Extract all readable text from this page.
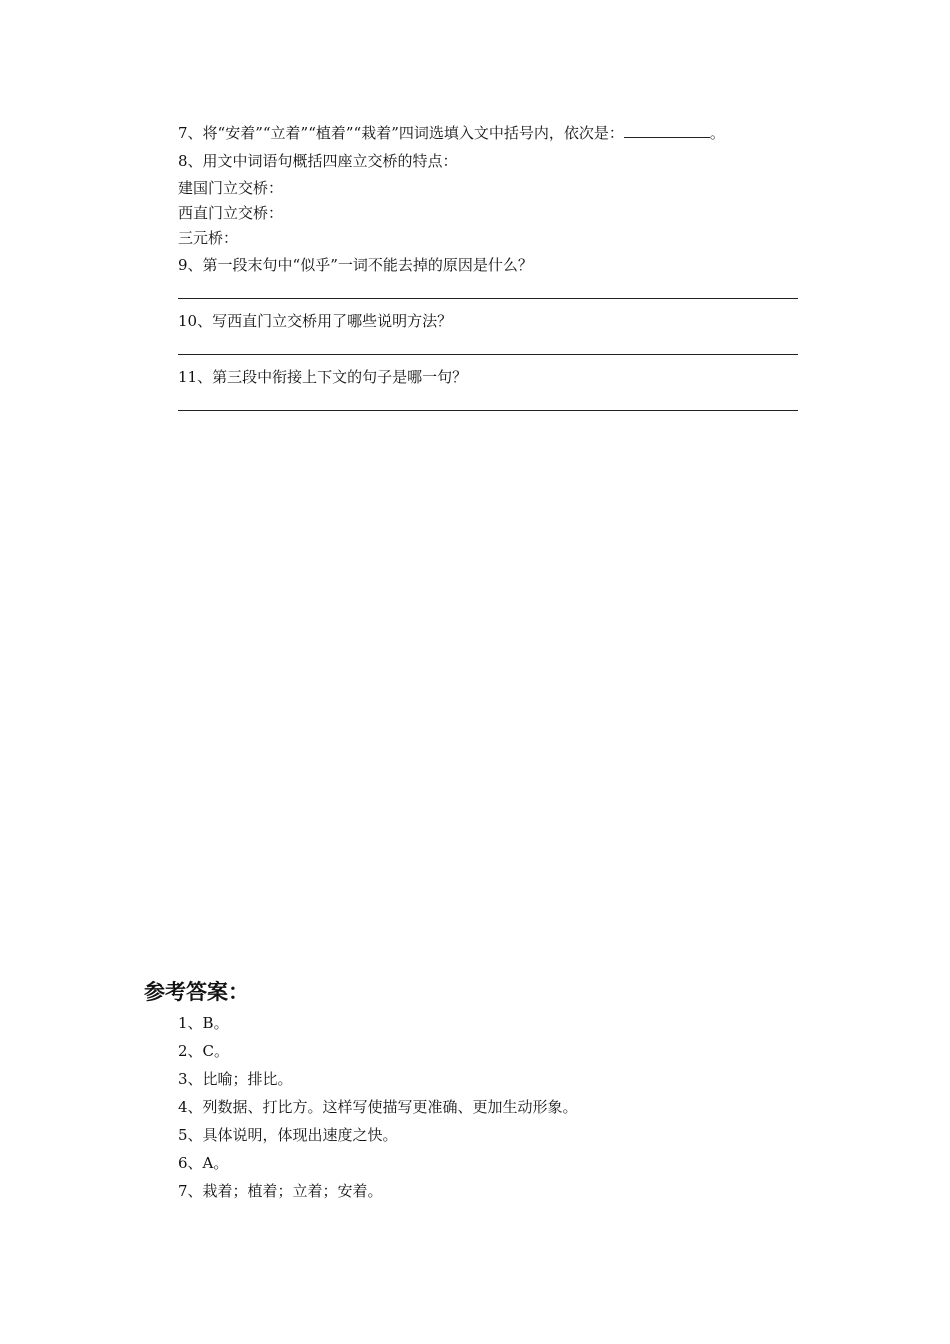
7、将“安着”“立着”“植着”“栽着”四词选填入文中括号内，依次是：	。
8、用文中词语句概括四座立交桥的特点：
建国门立交桥：
西直门立交桥：
三元桥：
9、第一段末句中“似乎”一词不能去掉的原因是什么？
10、写西直门立交桥用了哪些说明方法？
11、第三段中衔接上下文的句子是哪一句？
参考答案：
1、B。
2、C。
3、比喻；排比。
4、列数据、打比方。这样写使描写更准确、更加生动形象。
5、具体说明，体现出速度之快。
6、A。
7、栽着；植着；立着；安着。
